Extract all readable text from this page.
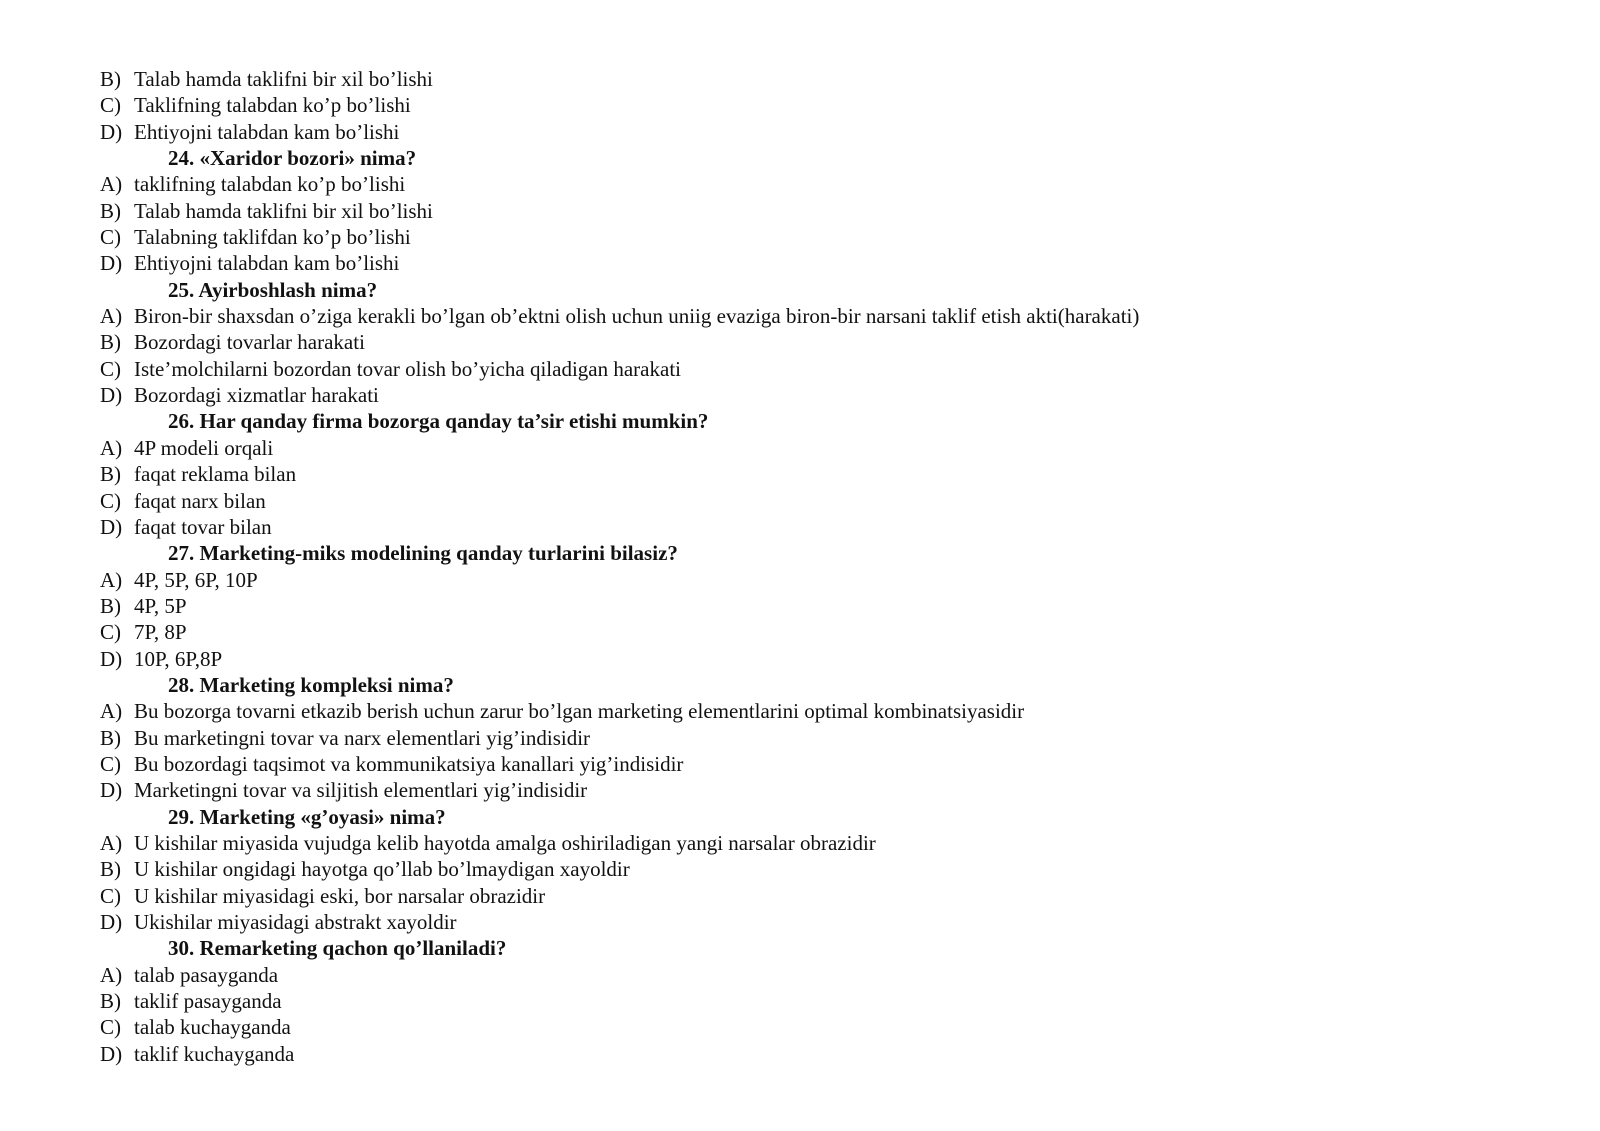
B) Talab hamda taklifni bir xil bo’lishi
C) Taklifning talabdan ko’p bo’lishi
D) Ehtiyojni talabdan kam bo’lishi
24. «Xaridor bozori» nima?
A) taklifning talabdan ko’p bo’lishi
B) Talab hamda taklifni bir xil bo’lishi
C) Talabning taklifdan ko’p bo’lishi
D) Ehtiyojni talabdan kam bo’lishi
25. Ayirboshlash nima?
A) Biron-bir shaxsdan o’ziga kerakli bo’lgan ob’ektni olish uchun uniig evaziga biron-bir narsani taklif etish akti(harakati)
B) Bozordagi tovarlar harakati
C) Iste’molchilarni bozordan tovar olish bo’yicha qiladigan harakati
D) Bozordagi xizmatlar harakati
26. Har qanday firma bozorga qanday ta’sir etishi mumkin?
A) 4P modeli orqali
B) faqat reklama bilan
C) faqat narx bilan
D) faqat tovar bilan
27. Marketing-miks modelining qanday turlarini bilasiz?
A) 4P, 5P, 6P, 10P
B) 4P, 5P
C) 7P, 8P
D) 10P, 6P,8P
28. Marketing kompleksi nima?
A) Bu bozorga tovarni etkazib berish uchun zarur bo’lgan marketing elementlarini optimal kombinatsiyasidir
B) Bu marketingni tovar va narx elementlari yig’indisidir
C) Bu bozordagi taqsimot va kommunikatsiya kanallari yig’indisidir
D) Marketingni tovar va siljitish elementlari yig’indisidir
29. Marketing «g’oyasi» nima?
A) U kishilar miyasida vujudga kelib hayotda amalga oshiriladigan yangi narsalar obrazidir
B) U kishilar ongidagi hayotga qo’llab bo’lmaydigan xayoldir
C) U kishilar miyasidagi eski, bor narsalar obrazidir
D) Ukishilar miyasidagi abstrakt xayoldir
30. Remarketing qachon qo’llaniladi?
A) talab pasayganda
B) taklif pasayganda
C) talab kuchayganda
D) taklif kuchayganda
